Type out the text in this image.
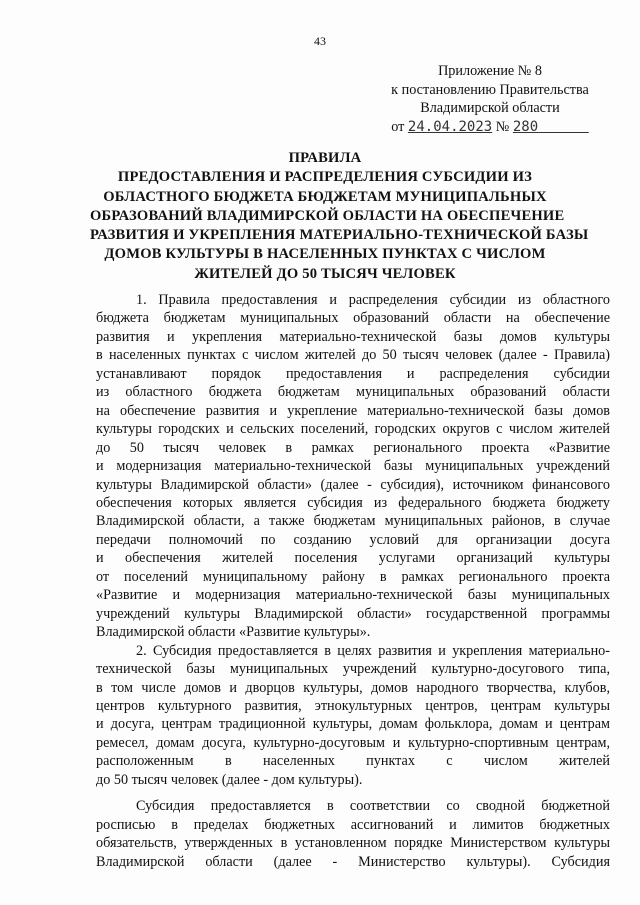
43
Приложение № 8
к постановлению Правительства
Владимирской области
от 24.04.2023 № 280
ПРАВИЛА
ПРЕДОСТАВЛЕНИЯ И РАСПРЕДЕЛЕНИЯ СУБСИДИИ ИЗ
ОБЛАСТНОГО БЮДЖЕТА БЮДЖЕТАМ МУНИЦИПАЛЬНЫХ
ОБРАЗОВАНИЙ ВЛАДИМИРСКОЙ ОБЛАСТИ НА ОБЕСПЕЧЕНИЕ
РАЗВИТИЯ И УКРЕПЛЕНИЯ МАТЕРИАЛЬНО-ТЕХНИЧЕСКОЙ БАЗЫ
ДОМОВ КУЛЬТУРЫ В НАСЕЛЕННЫХ ПУНКТАХ С ЧИСЛОМ
ЖИТЕЛЕЙ ДО 50 ТЫСЯЧ ЧЕЛОВЕК
1. Правила предоставления и распределения субсидии из областного
бюджета бюджетам муниципальных образований области на обеспечение
развития и укрепления материально-технической базы домов культуры
в населенных пунктах с числом жителей до 50 тысяч человек (далее - Правила)
устанавливают порядок предоставления и распределения субсидии
из областного бюджета бюджетам муниципальных образований области
на обеспечение развития и укрепление материально-технической базы домов
культуры городских и сельских поселений, городских округов с числом жителей
до 50 тысяч человек в рамках регионального проекта «Развитие
и модернизация материально-технической базы муниципальных учреждений
культуры Владимирской области» (далее - субсидия), источником финансового
обеспечения которых является субсидия из федерального бюджета бюджету
Владимирской области, а также бюджетам муниципальных районов, в случае
передачи полномочий по созданию условий для организации досуга
и обеспечения жителей поселения услугами организаций культуры
от поселений муниципальному району в рамках регионального проекта
«Развитие и модернизация материально-технической базы муниципальных
учреждений культуры Владимирской области» государственной программы
Владимирской области «Развитие культуры».
2. Субсидия предоставляется в целях развития и укрепления материально-
технической базы муниципальных учреждений культурно-досугового типа,
в том числе домов и дворцов культуры, домов народного творчества, клубов,
центров культурного развития, этнокультурных центров, центрам культуры
и досуга, центрам традиционной культуры, домам фольклора, домам и центрам
ремесел, домам досуга, культурно-досуговым и культурно-спортивным центрам,
расположенным в населенных пунктах с числом жителей
до 50 тысяч человек (далее - дом культуры).
Субсидия предоставляется в соответствии со сводной бюджетной
росписью в пределах бюджетных ассигнований и лимитов бюджетных
обязательств, утвержденных в установленном порядке Министерством культуры
Владимирской области (далее - Министерство культуры). Субсидия
